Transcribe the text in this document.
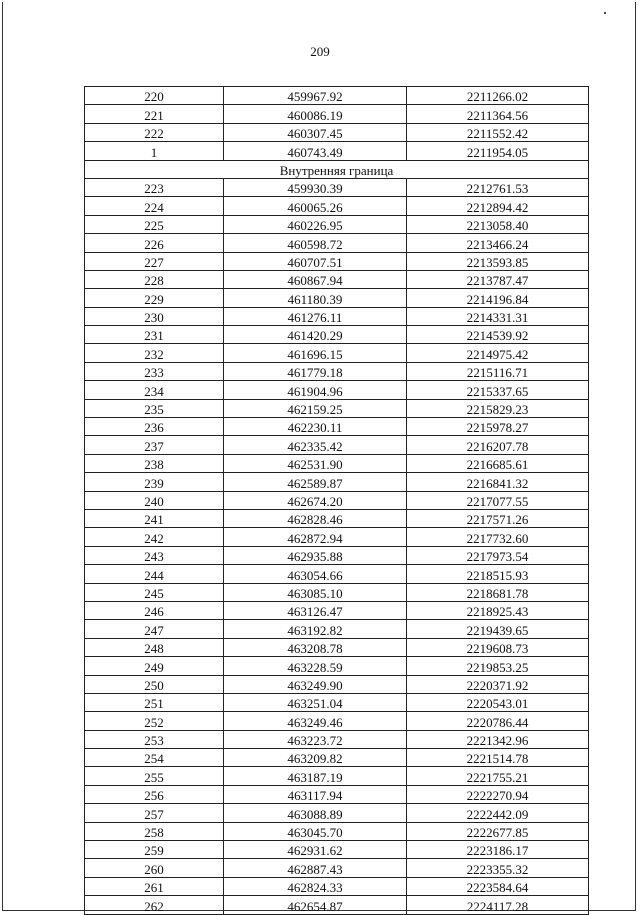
209
220	459967.92	2211266.02
221	460086.19	2211364.56
222	460307.45	2211552.42
1	460743.49	2211954.05
Внутренняя граница		
223	459930.39	2212761.53
224	460065.26	2212894.42
225	460226.95	2213058.40
226	460598.72	2213466.24
227	460707.51	2213593.85
228	460867.94	2213787.47
229	461180.39	2214196.84
230	461276.11	2214331.31
231	461420.29	2214539.92
232	461696.15	2214975.42
233	461779.18	2215116.71
234	461904.96	2215337.65
235	462159.25	2215829.23
236	462230.11	2215978.27
237	462335.42	2216207.78
238	462531.90	2216685.61
239	462589.87	2216841.32
240	462674.20	2217077.55
241	462828.46	2217571.26
242	462872.94	2217732.60
243	462935.88	2217973.54
244	463054.66	2218515.93
245	463085.10	2218681.78
246	463126.47	2218925.43
247	463192.82	2219439.65
248	463208.78	2219608.73
249	463228.59	2219853.25
250	463249.90	2220371.92
251	463251.04	2220543.01
252	463249.46	2220786.44
253	463223.72	2221342.96
254	463209.82	2221514.78
255	463187.19	2221755.21
256	463117.94	2222270.94
257	463088.89	2222442.09
258	463045.70	2222677.85
259	462931.62	2223186.17
260	462887.43	2223355.32
261	462824.33	2223584.64
262	462654.87	2224117.28
